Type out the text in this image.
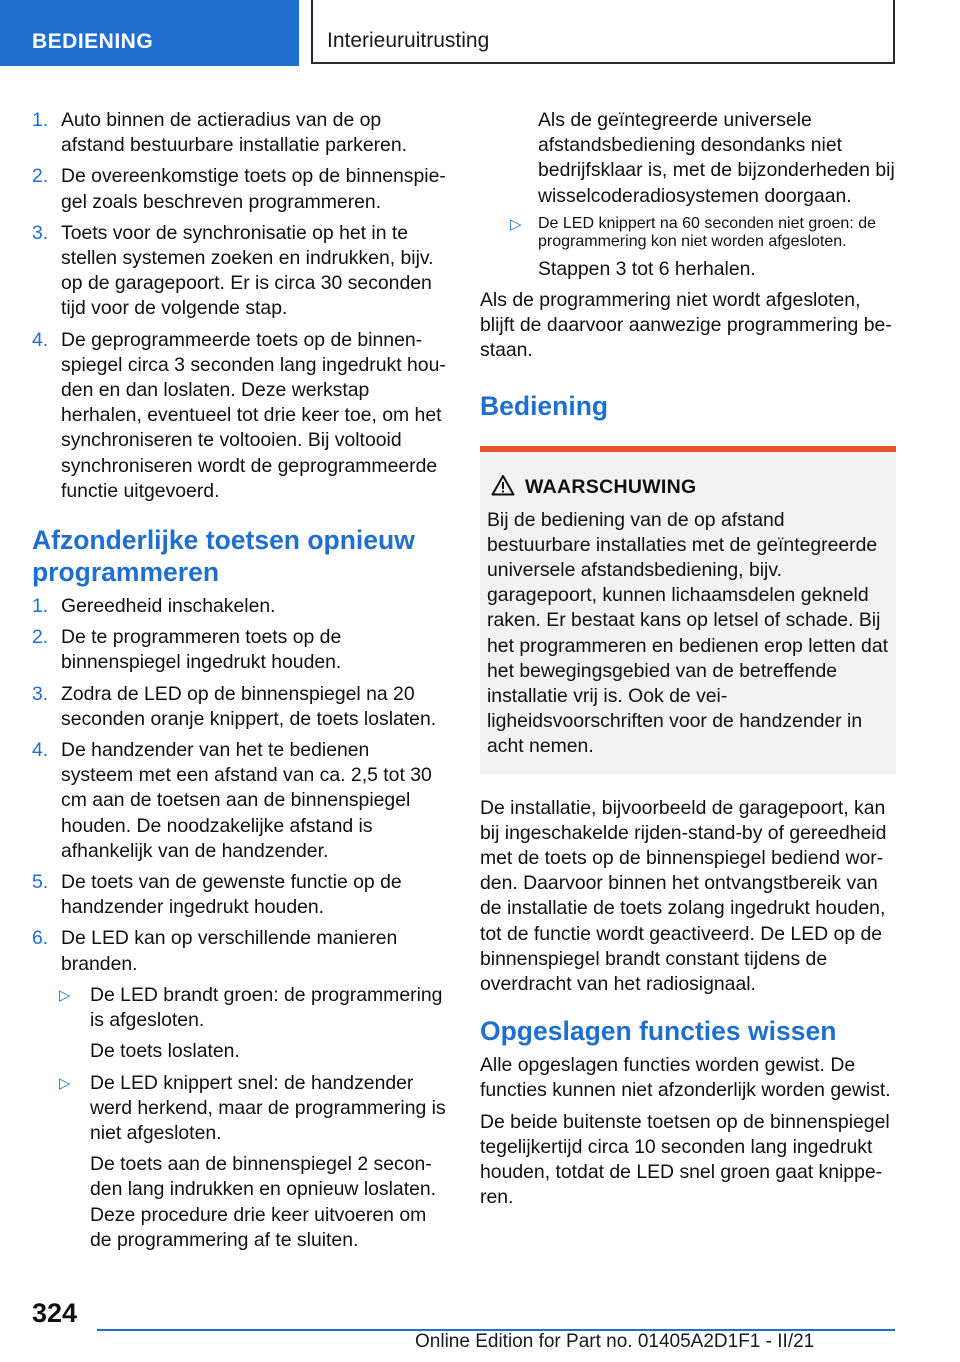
BEDIENING	Interieuruitrusting
1. Auto binnen de actieradius van de op afstand bestuurbare installatie parkeren.
2. De overeenkomstige toets op de binnenspiegel zoals beschreven programmeren.
3. Toets voor de synchronisatie op het in te stellen systemen zoeken en indrukken, bijv. op de garagepoort. Er is circa 30 seconden tijd voor de volgende stap.
4. De geprogrammeerde toets op de binnenspiegel circa 3 seconden lang ingedrukt houden en dan loslaten. Deze werkstap herhalen, eventueel tot drie keer toe, om het synchroniseren te voltooien. Bij voltooid synchroniseren wordt de geprogrammeerde functie uitgevoerd.
Afzonderlijke toetsen opnieuw programmeren
1. Gereedheid inschakelen.
2. De te programmeren toets op de binnenspiegel ingedrukt houden.
3. Zodra de LED op de binnenspiegel na 20 seconden oranje knippert, de toets loslaten.
4. De handzender van het te bedienen systeem met een afstand van ca. 2,5 tot 30 cm aan de toetsen aan de binnenspiegel houden. De noodzakelijke afstand is afhankelijk van de handzender.
5. De toets van de gewenste functie op de handzender ingedrukt houden.
6. De LED kan op verschillende manieren branden.
▷ De LED brandt groen: de programmering is afgesloten.

De toets loslaten.

▷ De LED knippert snel: de handzender werd herkend, maar de programmering is niet afgesloten.

De toets aan de binnenspiegel 2 seconden lang indrukken en opnieuw loslaten. Deze procedure drie keer uitvoeren om de programmering af te sluiten.

Als de geïntegreerde universele afstandsbediening desondanks niet bedrijfsklaar is, met de bijzonderheden bij wisselcoderadiosystemen doorgaan.

▷ De LED knippert na 60 seconden niet groen: de programmering kon niet worden afgesloten.

Stappen 3 tot 6 herhalen.

Als de programmering niet wordt afgesloten, blijft de daarvoor aanwezige programmering bestaan.

Bediening
WAARSCHUWING
Bij de bediening van de op afstand bestuurbare installaties met de geïntegreerde universele afstandsbediening, bijv. garagepoort, kunnen lichaamsdelen gekneld raken. Er bestaat kans op letsel of schade. Bij het programmeren en bedienen erop letten dat het bewegingsgebied van de betreffende installatie vrij is. Ook de veiligheidsvoorschriften voor de handzender in acht nemen.

De installatie, bijvoorbeeld de garagepoort, kan bij ingeschakelde rijden-stand-by of gereedheid met de toets op de binnenspiegel bediend worden. Daarvoor binnen het ontvangstbereik van de installatie de toets zolang ingedrukt houden, tot de functie wordt geactiveerd. De LED op de binnenspiegel brandt constant tijdens de overdracht van het radiosignaal.

Opgeslagen functies wissen

Alle opgeslagen functies worden gewist. De functies kunnen niet afzonderlijk worden gewist.

De beide buitenste toetsen op de binnenspiegel tegelijkertijd circa 10 seconden lang ingedrukt houden, totdat de LED snel groen gaat knipperen.

324
Online Edition for Part no. 01405A2D1F1 - II/21
